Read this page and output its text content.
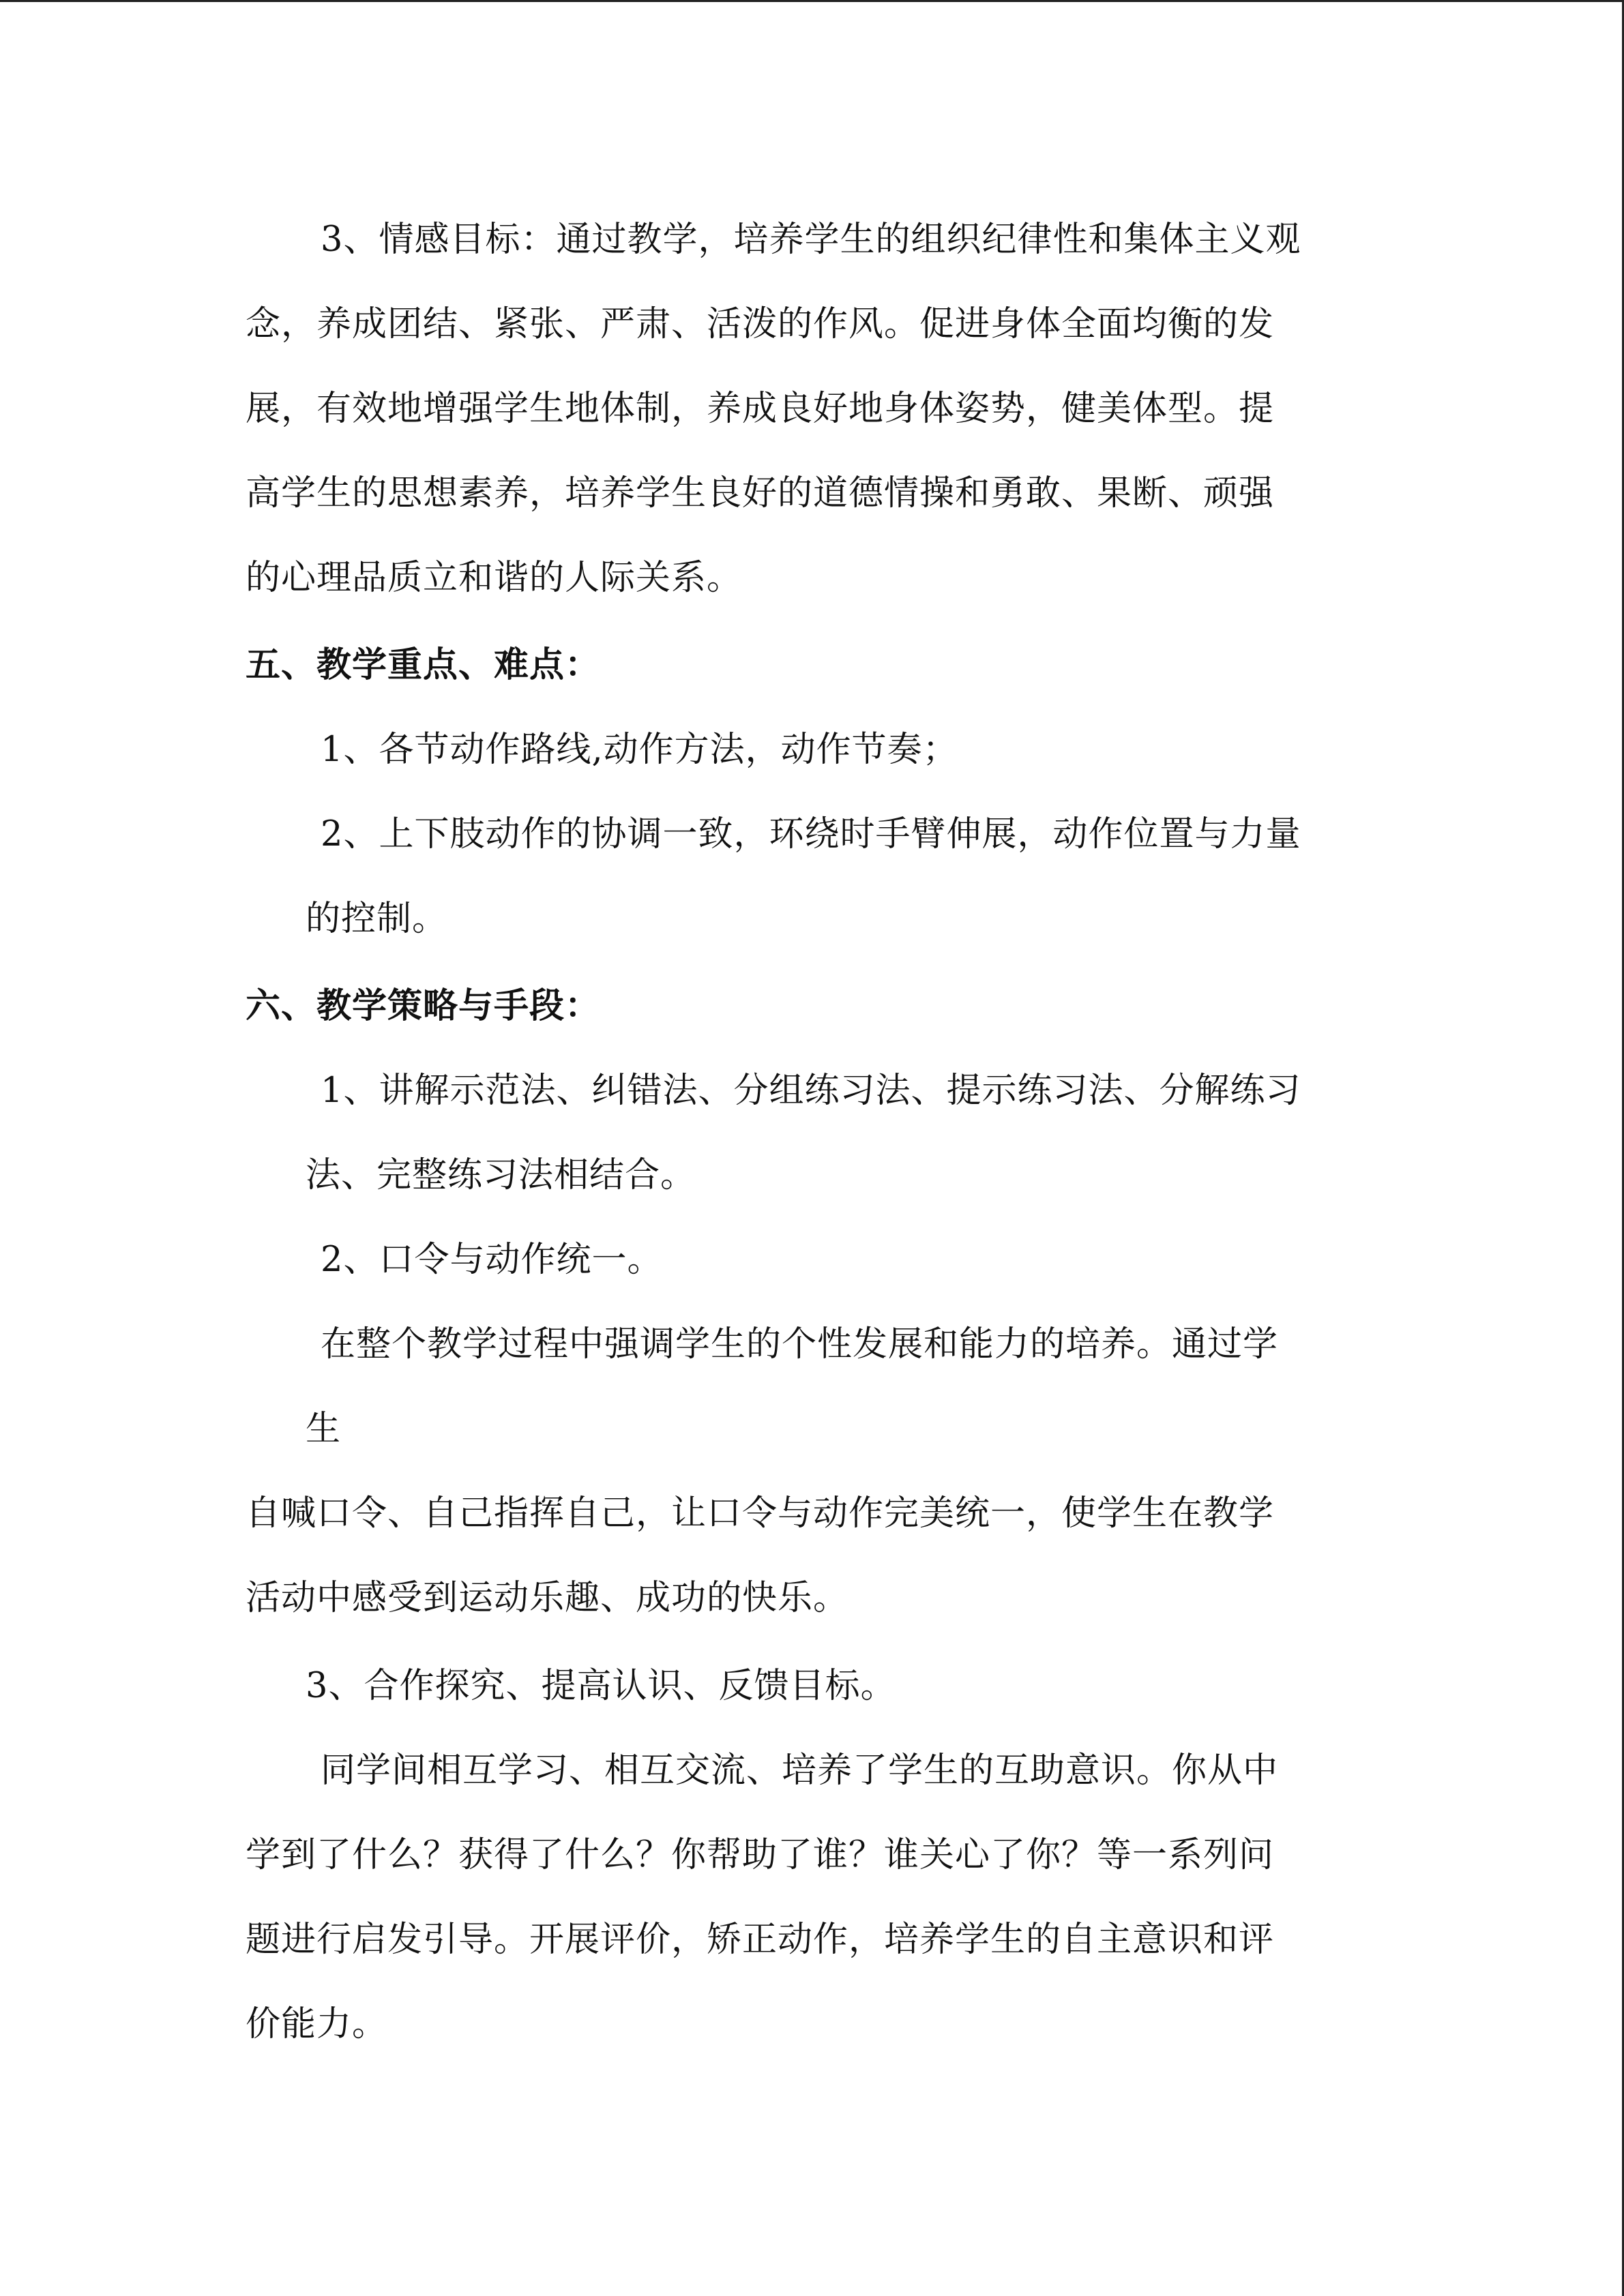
3、情感目标：通过教学，培养学生的组织纪律性和集体主义观
念，养成团结、紧张、严肃、活泼的作风。促进身体全面均衡的发
展，有效地增强学生地体制，养成良好地身体姿势，健美体型。提
高学生的思想素养，培养学生良好的道德情操和勇敢、果断、顽强
的心理品质立和谐的人际关系。
五、教学重点、难点：
1、各节动作路线,动作方法，动作节奏；
2、上下肢动作的协调一致，环绕时手臂伸展，动作位置与力量
的控制。
六、教学策略与手段：
1、讲解示范法、纠错法、分组练习法、提示练习法、分解练习
法、完整练习法相结合。
2、口令与动作统一。
在整个教学过程中强调学生的个性发展和能力的培养。通过学
生
自喊口令、自己指挥自己，让口令与动作完美统一，使学生在教学
活动中感受到运动乐趣、成功的快乐。
3、合作探究、提高认识、反馈目标。
同学间相互学习、相互交流、培养了学生的互助意识。你从中
学到了什么？获得了什么？你帮助了谁？谁关心了你？等一系列问
题进行启发引导。开展评价，矫正动作，培养学生的自主意识和评
价能力。
